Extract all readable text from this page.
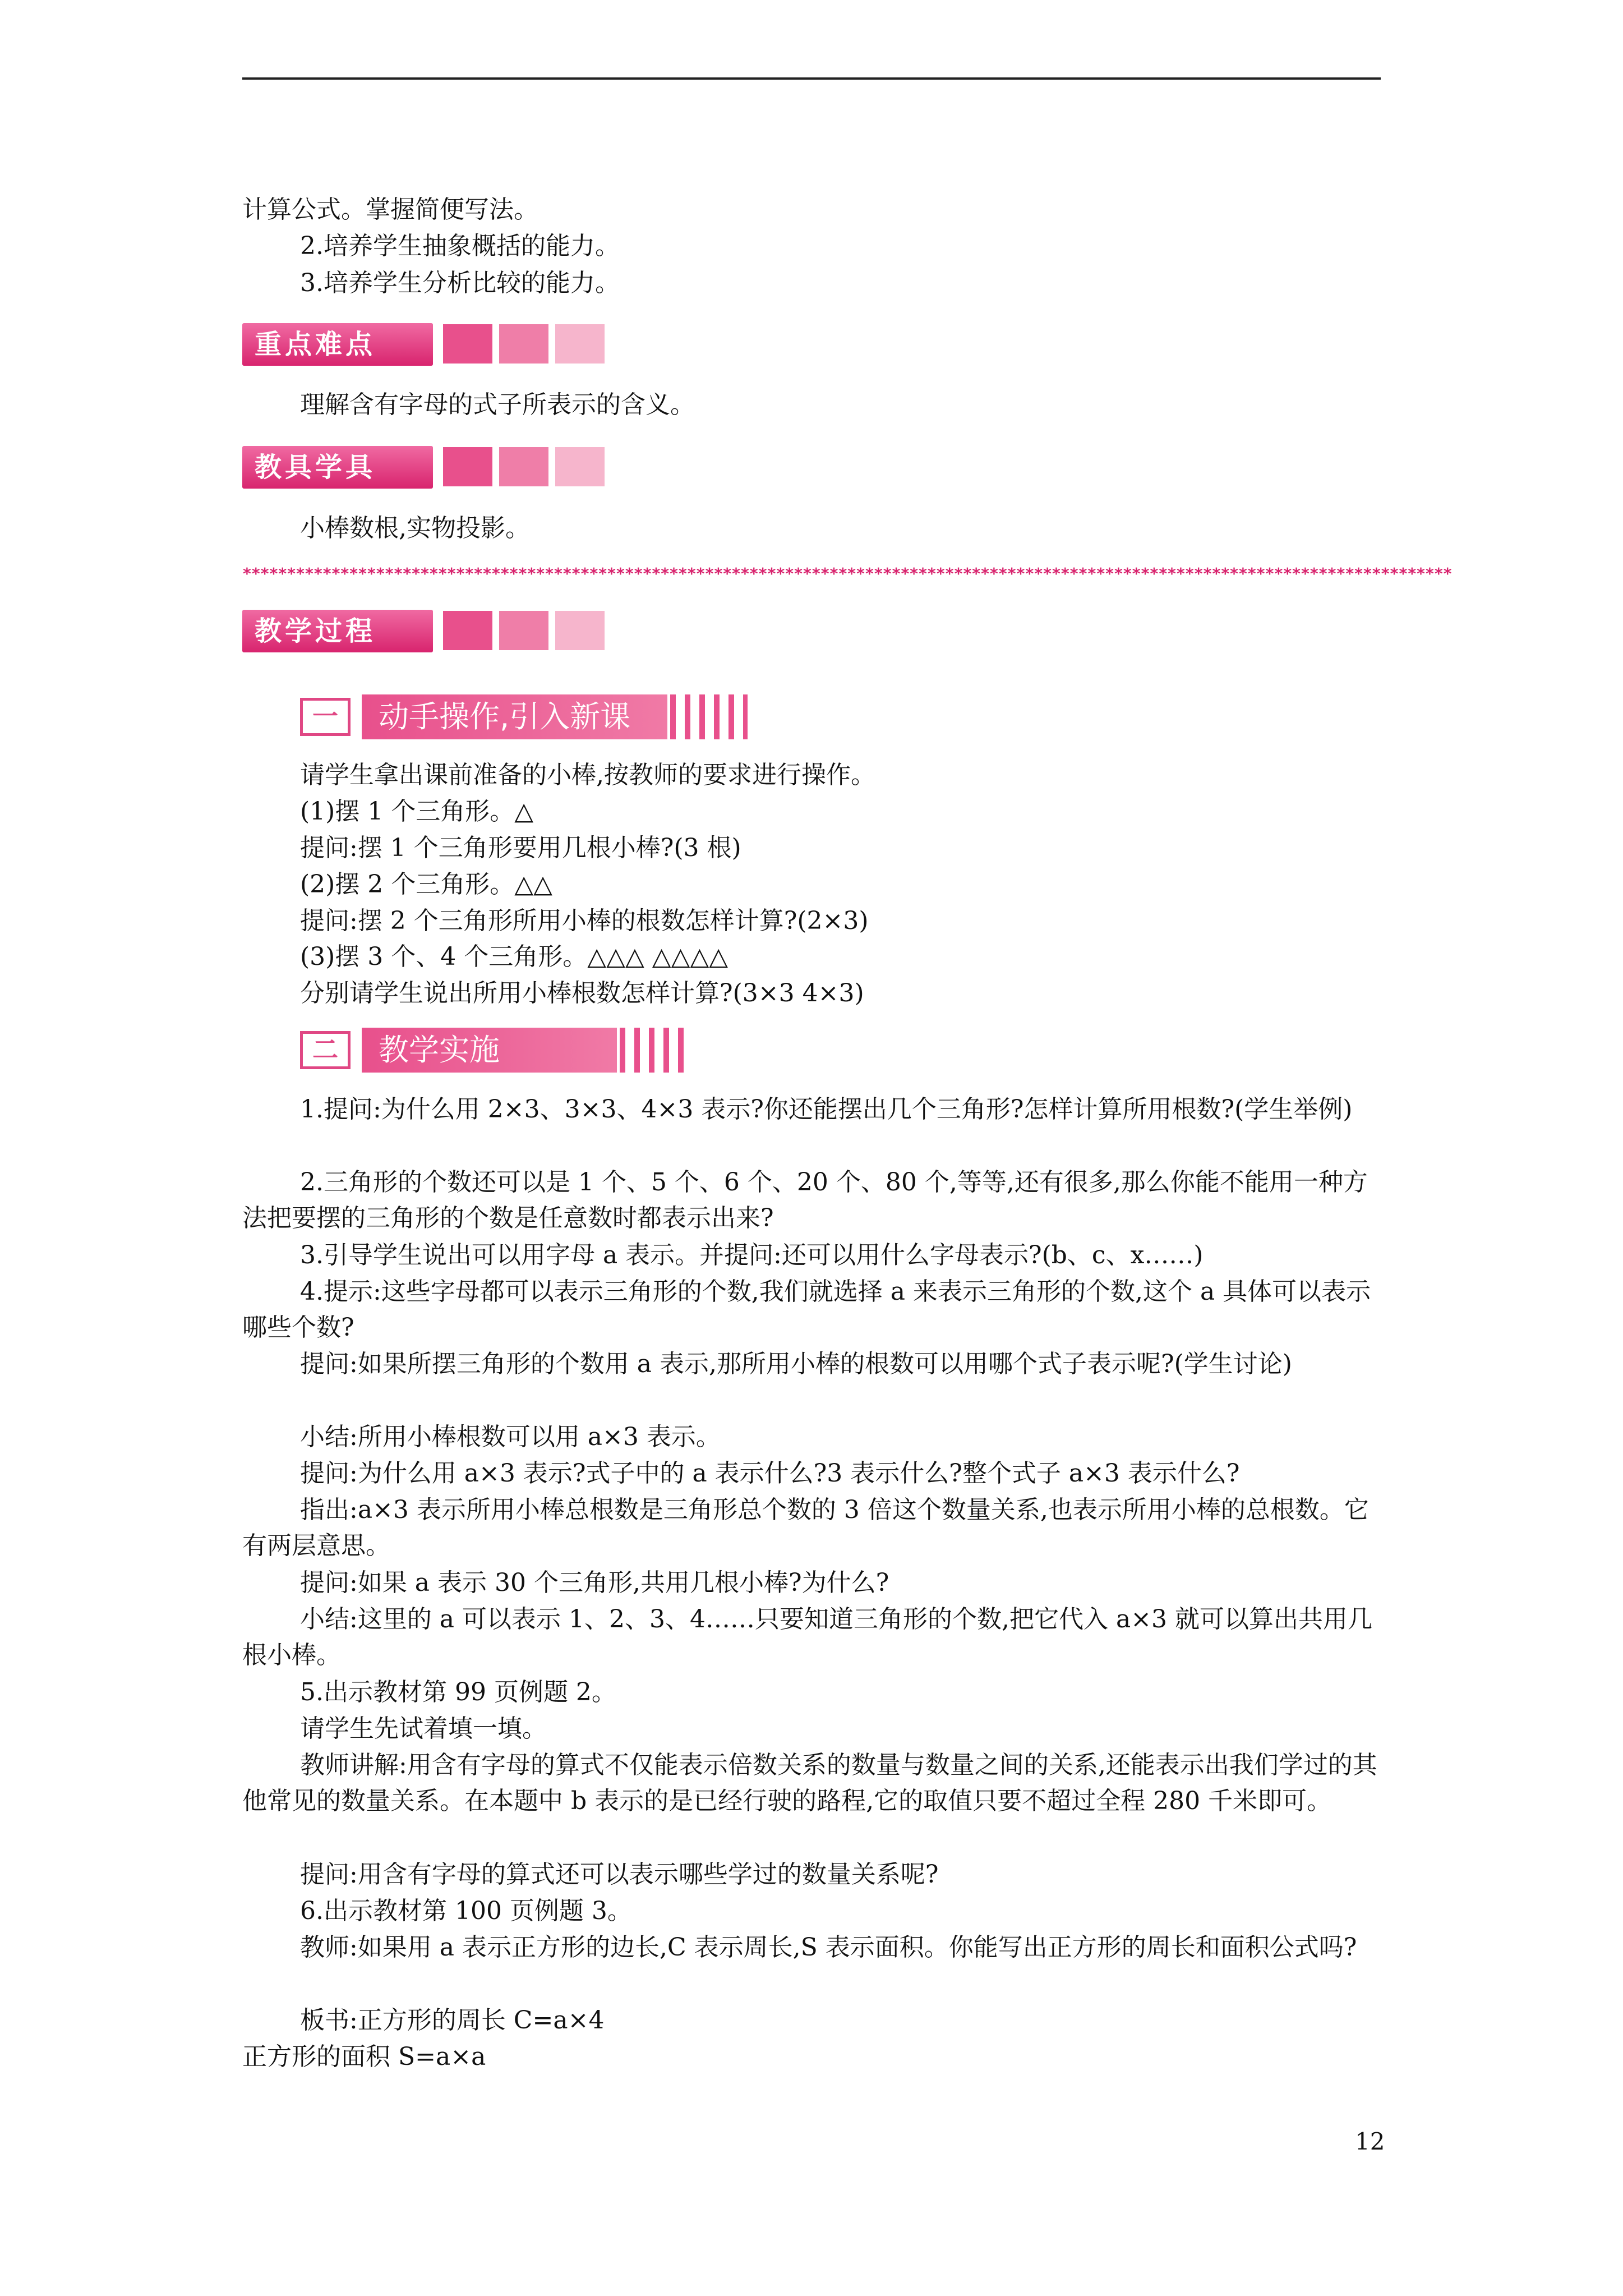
计算公式。掌握简便写法。
2.培养学生抽象概括的能力。
3.培养学生分析比较的能力。
重点难点
理解含有字母的式子所表示的含义。
教具学具
小棒数根,实物投影。
****************************************************************************************************************************************
教学过程
一	动手操作,引入新课
请学生拿出课前准备的小棒,按教师的要求进行操作。
(1)摆 1 个三角形。△
提问:摆 1 个三角形要用几根小棒?(3 根)
(2)摆 2 个三角形。△△
提问:摆 2 个三角形所用小棒的根数怎样计算?(2×3)
(3)摆 3 个、4 个三角形。△△△ △△△△
分别请学生说出所用小棒根数怎样计算?(3×3 4×3)
二	教学实施
1.提问:为什么用 2×3、3×3、4×3 表示?你还能摆出几个三角形?怎样计算所用根数?(学生举例)
2.三角形的个数还可以是 1 个、5 个、6 个、20 个、80 个,等等,还有很多,那么你能不能用一种方法把要摆的三角形的个数是任意数时都表示出来?
3.引导学生说出可以用字母 a 表示。并提问:还可以用什么字母表示?(b、c、x……)
4.提示:这些字母都可以表示三角形的个数,我们就选择 a 来表示三角形的个数,这个 a 具体可以表示哪些个数?
提问:如果所摆三角形的个数用 a 表示,那所用小棒的根数可以用哪个式子表示呢?(学生讨论)
小结:所用小棒根数可以用 a×3 表示。
提问:为什么用 a×3 表示?式子中的 a 表示什么?3 表示什么?整个式子 a×3 表示什么?
指出:a×3 表示所用小棒总根数是三角形总个数的 3 倍这个数量关系,也表示所用小棒的总根数。它有两层意思。
提问:如果 a 表示 30 个三角形,共用几根小棒?为什么?
小结:这里的 a 可以表示 1、2、3、4……只要知道三角形的个数,把它代入 a×3 就可以算出共用几根小棒。
5.出示教材第 99 页例题 2。
请学生先试着填一填。
教师讲解:用含有字母的算式不仅能表示倍数关系的数量与数量之间的关系,还能表示出我们学过的其他常见的数量关系。在本题中 b 表示的是已经行驶的路程,它的取值只要不超过全程 280 千米即可。
提问:用含有字母的算式还可以表示哪些学过的数量关系呢?
6.出示教材第 100 页例题 3。
教师:如果用 a 表示正方形的边长,C 表示周长,S 表示面积。你能写出正方形的周长和面积公式吗?
板书:正方形的周长 C=a×4
正方形的面积 S=a×a
12
